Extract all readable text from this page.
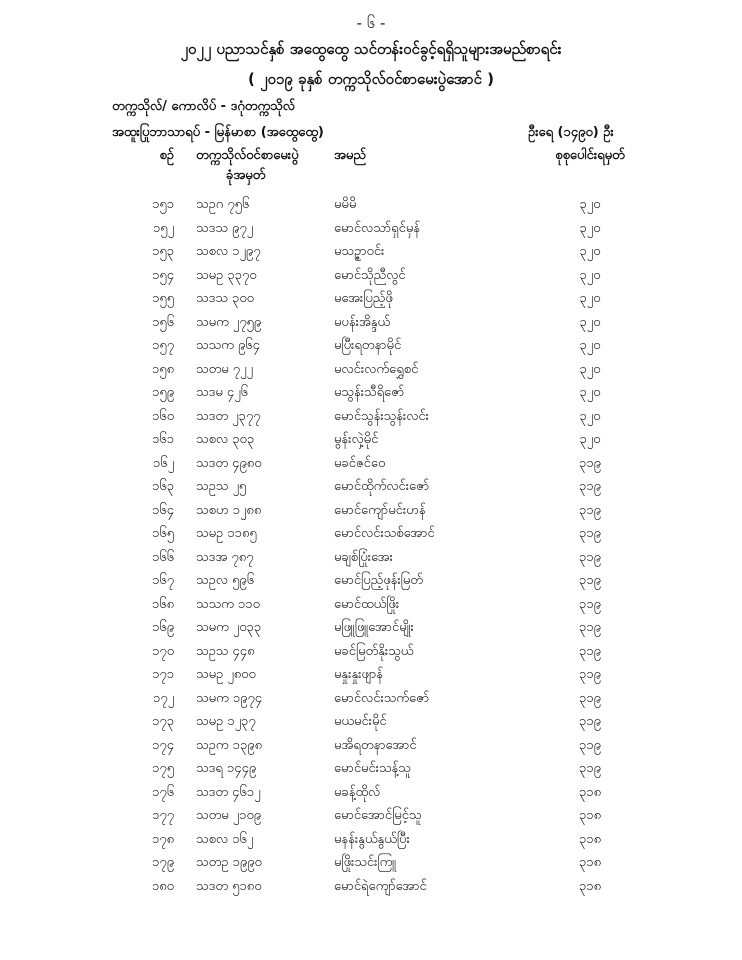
- ၆ -
၂၀၂၂ ပညာသင်နှစ် အထွေထွေ သင်တန်းဝင်ခွင့်ရရှိသူများအမည်စာရင်း
( ၂၀၁၉ ခုနှစ် တက္ကသိုလ်ဝင်စာမေးပွဲအောင် )
တက္ကသိုလ်/ ကောလိပ် - ဒဂုံတက္ကသိုလ်
အထူးပြုဘာသာရပ် - မြန်မာစာ (အထွေထွေ)	ဦးရေ (၁၄၉၀) ဦး
စဉ် တက္ကသိုလ်ဝင်စာမေးပွဲ
ခုံအမှတ်
အမည်	စုစုပေါင်းရမှတ်
၁၅၁ သဥဂ ၇၅၆	မမိမိ	၃၂၀
၁၅၂ သဒသ ၉၇၂	မောင်လသာ်ရှင်မှန်	၃၂၀
၁၅၃ သစလ ၁၂၉၇	မသဉ္ဇာဝင်း	၃၂၀
၁၅၄ သမဥ ၃၃၇၀	မောင်သိုညီလွင်	၃၂၀
၁၅၅ သဒသ ၃၀၀	မအေးပြည့်ဖို	၃၂၀
၁၅၆ သမက ၂၇၅၉	မပန်းအိန္ဒယ်	၃၂၀
၁၅၇ သသက ၉၆၄	မပြီးရတနာမိုင်	၃၂၀
၁၅၈ သတမ ၇၂၂	မလင်းလက်ရွှေစင်	၃၂၀
၁၅၉ သဒမ ၄၂၆	မသွန်းသီရိဇော်	၃၂၀
၁၆၀ သဒတ ၂၃၇၇	မောင်သွန်းသွန်းလင်း	၃၂၀
၁၆၁ သစလ ၃၀၃	မွန်းလှဲ့မိုင်	၃၂၀
၁၆၂ သဒတ ၄၉၈၀	မခင်ဇင်ဝေ	၃၁၉
၁၆၃ သဥသ ၂၅	မောင်ထိုက်လင်းဇော်	၃၁၉
၁၆၄ သစဟ ၁၂၈၈	မောင်ကျော်မင်းဟန်	၃၁၉
၁၆၅ သမဥ ၁၁၈၅	မောင်လင်းသစ်အောင်	၃၁၉
၁၆၆ သဒအ ၇၈၇	မချစ်ပြုံးအေး	၃၁၉
၁၆၇ သဥလ ၅၉၆	မောင်ပြည့်ဖုန်းမြတ်	၃၁၉
၁၆၈ သသက ၁၁၀	မောင်ထယ်ဖြိုး	၃၁၉
၁၆၉ သမက ၂၀၃၃	မဖြူဖြူအောင်မျိုး	၃၁၉
၁၇၀ သဥသ ၄၄၈	မခင်မြတ်နိုးသွယ်	၃၁၉
၁၇၁ သမဥ ၂၈၀၀	မနှုးနှုးဖျာန်	၃၁၉
၁၇၂ သမက ၁၉၇၄	မောင်လင်းသက်ဇော်	၃၁၉
၁၇၃ သမဥ ၁၂၃၇	မယမင်းမိုင်	၃၁၉
၁၇၄ သဥက ၁၃၉၈	မအိရတနာအောင်	၃၁၉
၁၇၅ သဒရ ၁၄၄၉	မောင်မင်းသန့်သူ	၃၁၉
၁၇၆ သဒတ ၄၆၁၂	မခန့်ထိုလ်	၃၁၈
၁၇၇ သတမ ၂၁၀၉	မောင်အောင်မြင့်သူ	၃၁၈
၁၇၈ သစလ ၁၆၂	မနန်းနွယ်နွယ်ပြီး	၃၁၈
၁၇၉ သတဥ ၁၉၉၀	မဖြိုးသင်းကြူ	၃၁၈
၁၈၀ သဒတ ၅၁၈၀	မောင်ရဲကျော်အောင်	၃၁၈
